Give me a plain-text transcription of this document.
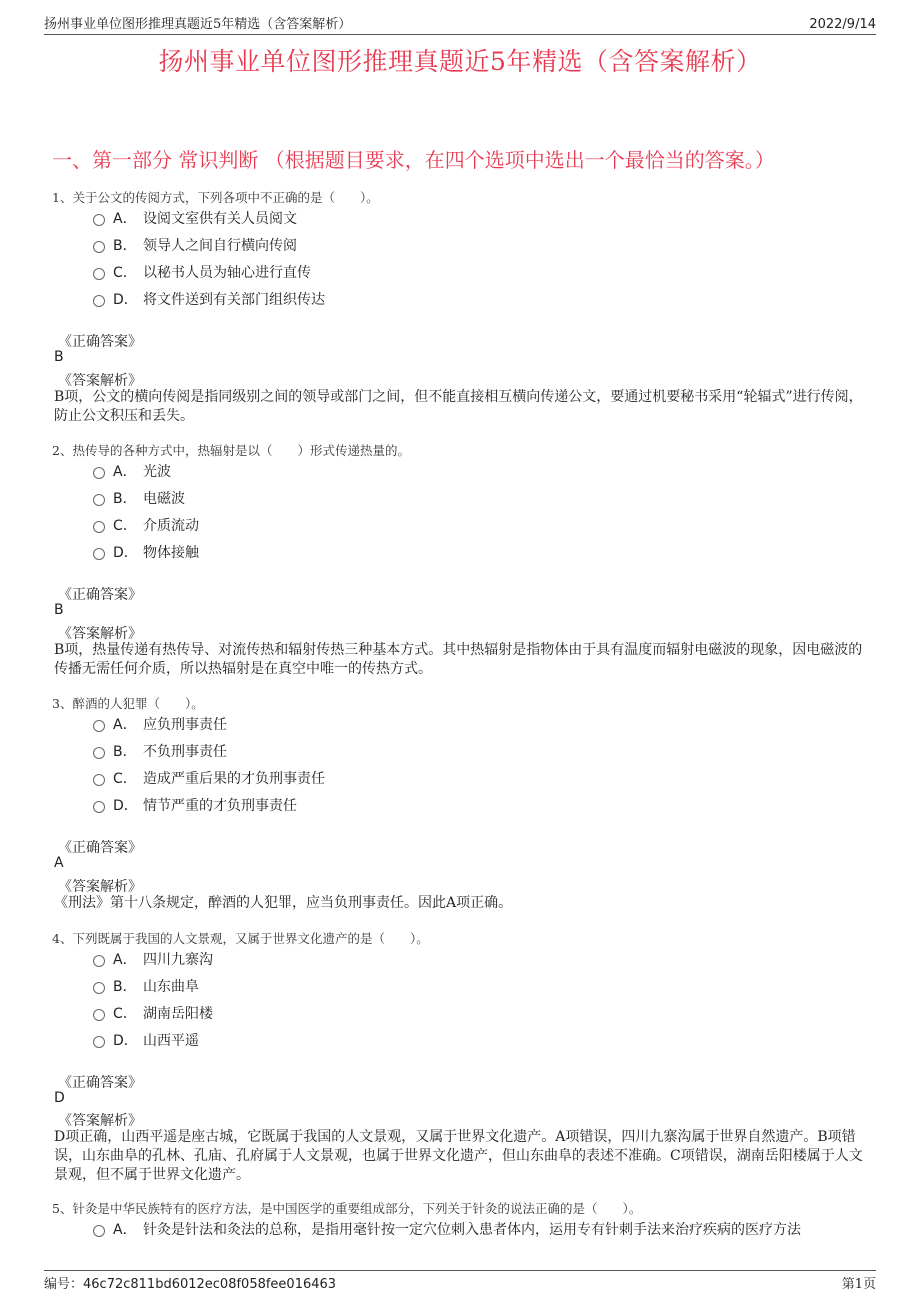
扬州事业单位图形推理真题近5年精选（含答案解析）	2022/9/14
扬州事业单位图形推理真题近5年精选（含答案解析）
一、第一部分 常识判断 （根据题目要求，在四个选项中选出一个最恰当的答案。）
1、关于公文的传阅方式，下列各项中不正确的是（　　）。
A． 设阅文室供有关人员阅文
B． 领导人之间自行横向传阅
C． 以秘书人员为轴心进行直传
D． 将文件送到有关部门组织传达
《正确答案》
B
《答案解析》
B项，公文的横向传阅是指同级别之间的领导或部门之间，但不能直接相互横向传递公文，要通过机要秘书采用“轮辐式”进行传阅，防止公文积压和丢失。
2、热传导的各种方式中，热辐射是以（　　）形式传递热量的。
A． 光波
B． 电磁波
C． 介质流动
D． 物体接触
《正确答案》
B
《答案解析》
B项，热量传递有热传导、对流传热和辐射传热三种基本方式。其中热辐射是指物体由于具有温度而辐射电磁波的现象，因电磁波的传播无需任何介质，所以热辐射是在真空中唯一的传热方式。
3、醉酒的人犯罪（　　）。
A． 应负刑事责任
B． 不负刑事责任
C． 造成严重后果的才负刑事责任
D． 情节严重的才负刑事责任
《正确答案》
A
《答案解析》
《刑法》第十八条规定，醉酒的人犯罪，应当负刑事责任。因此A项正确。
4、下列既属于我国的人文景观，又属于世界文化遗产的是（　　）。
A． 四川九寨沟
B． 山东曲阜
C． 湖南岳阳楼
D． 山西平遥
《正确答案》
D
《答案解析》
D项正确，山西平遥是座古城，它既属于我国的人文景观，又属于世界文化遗产。A项错误，四川九寨沟属于世界自然遗产。B项错误，山东曲阜的孔林、孔庙、孔府属于人文景观，也属于世界文化遗产，但山东曲阜的表述不准确。C项错误，湖南岳阳楼属于人文景观，但不属于世界文化遗产。
5、针灸是中华民族特有的医疗方法，是中国医学的重要组成部分，下列关于针灸的说法正确的是（　　）。
A． 针灸是针法和灸法的总称，是指用毫针按一定穴位刺入患者体内，运用专有针刺手法来治疗疾病的医疗方法
编号：46c72c811bd6012ec08f058fee016463	第1页
